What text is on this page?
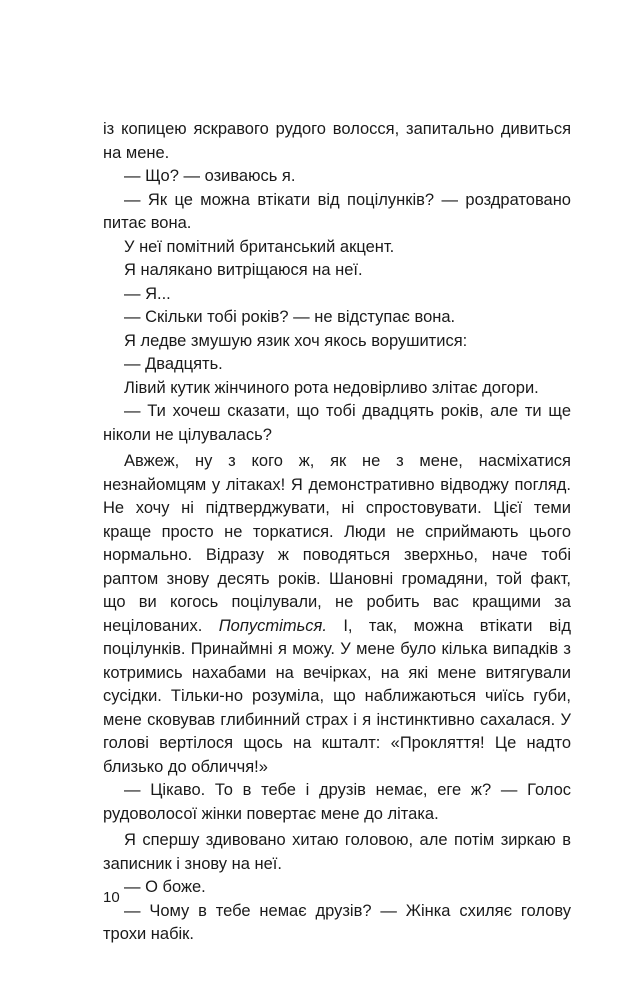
із копицею яскравого рудого волосся, запитально дивиться на мене.

— Що? — озиваюсь я.

— Як це можна втікати від поцілунків? — роздратовано питає вона.

У неї помітний британський акцент.

Я налякано витріщаюся на неї.

— Я...

— Скільки тобі років? — не відступає вона.

Я ледве змушую язик хоч якось ворушитися:

— Двадцять.

Лівий кутик жінчиного рота недовірливо злітає догори.

— Ти хочеш сказати, що тобі двадцять років, але ти ще ніколи не цілувалась?

Авжеж, ну з кого ж, як не з мене, насміхатися незнайомцям у літаках! Я демонстративно відводжу погляд. Не хочу ні підтверджувати, ні спростовувати. Цієї теми краще просто не торкатися. Люди не сприймають цього нормально. Відразу ж поводяться зверхньо, наче тобі раптом знову десять років. Шановні громадяни, той факт, що ви когось поцілували, не робить вас кращими за нецілованих. Попустіться. І, так, можна втікати від поцілунків. Принаймні я можу. У мене було кілька випадків з котримись нахабами на вечірках, на які мене витягували сусідки. Тільки-но розуміла, що наближаються чиїсь губи, мене сковував глибинний страх і я інстинктивно сахалася. У голові вертілося щось на кшталт: «Прокляття! Це надто близько до обличчя!»

— Цікаво. То в тебе і друзів немає, еге ж? — Голос рудоволосої жінки повертає мене до літака.

Я спершу здивовано хитаю головою, але потім зиркаю в записник і знову на неї.

— О боже.

— Чому в тебе немає друзів? — Жінка схиляє голову трохи набік.

10
